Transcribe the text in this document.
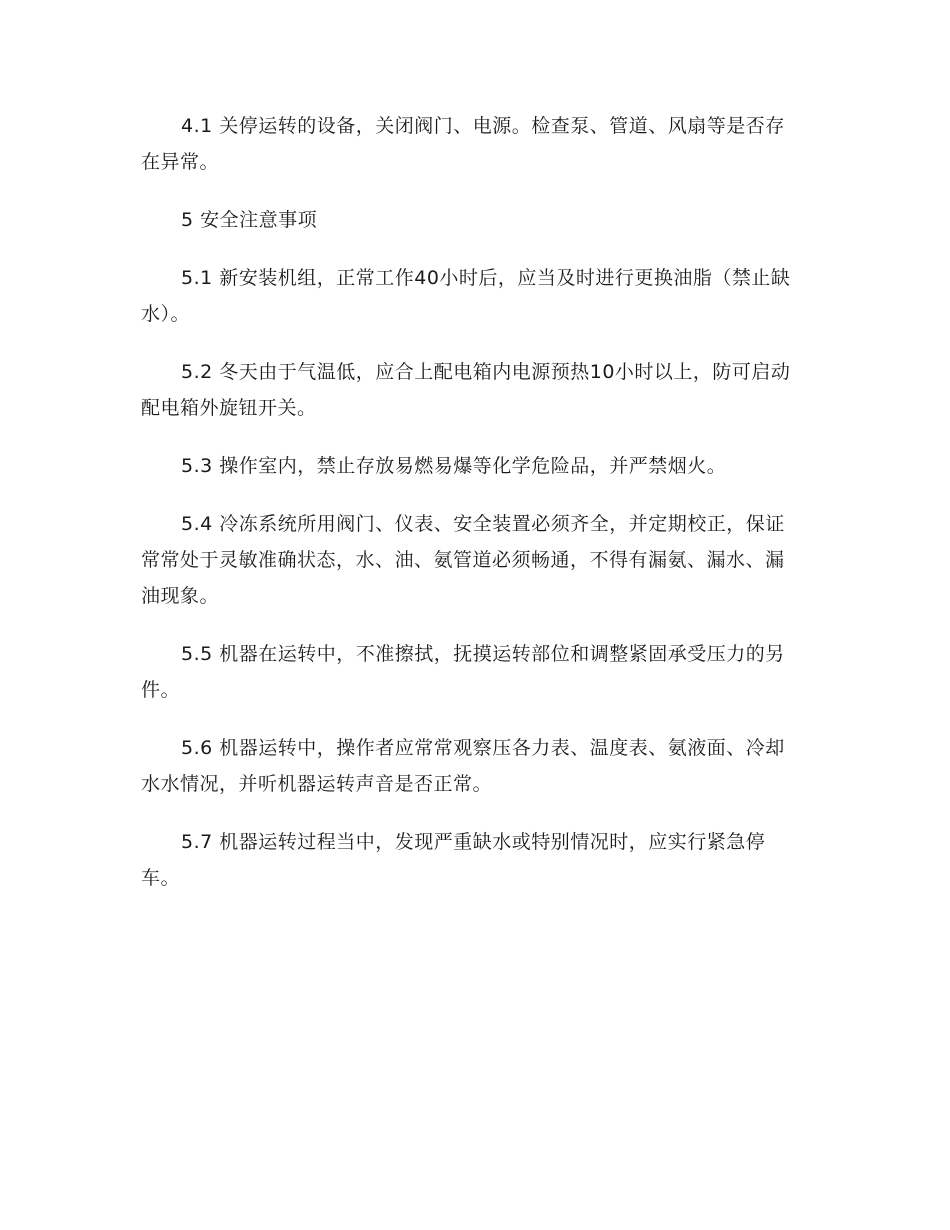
4.1 关停运转的设备，关闭阀门、电源。检查泵、管道、风扇等是否存在异常。

5 安全注意事项

5.1 新安装机组，正常工作40小时后，应当及时进行更换油脂（禁止缺水）。

5.2 冬天由于气温低，应合上配电箱内电源预热10小时以上，防可启动配电箱外旋钮开关。

5.3 操作室内，禁止存放易燃易爆等化学危险品，并严禁烟火。

5.4 冷冻系统所用阀门、仪表、安全装置必须齐全，并定期校正，保证常常处于灵敏准确状态，水、油、氨管道必须畅通，不得有漏氨、漏水、漏油现象。

5.5 机器在运转中，不准擦拭，抚摸运转部位和调整紧固承受压力的另件。

5.6 机器运转中，操作者应常常观察压各力表、温度表、氨液面、冷却水水情况，并听机器运转声音是否正常。

5.7 机器运转过程当中，发现严重缺水或特别情况时，应实行紧急停车。
